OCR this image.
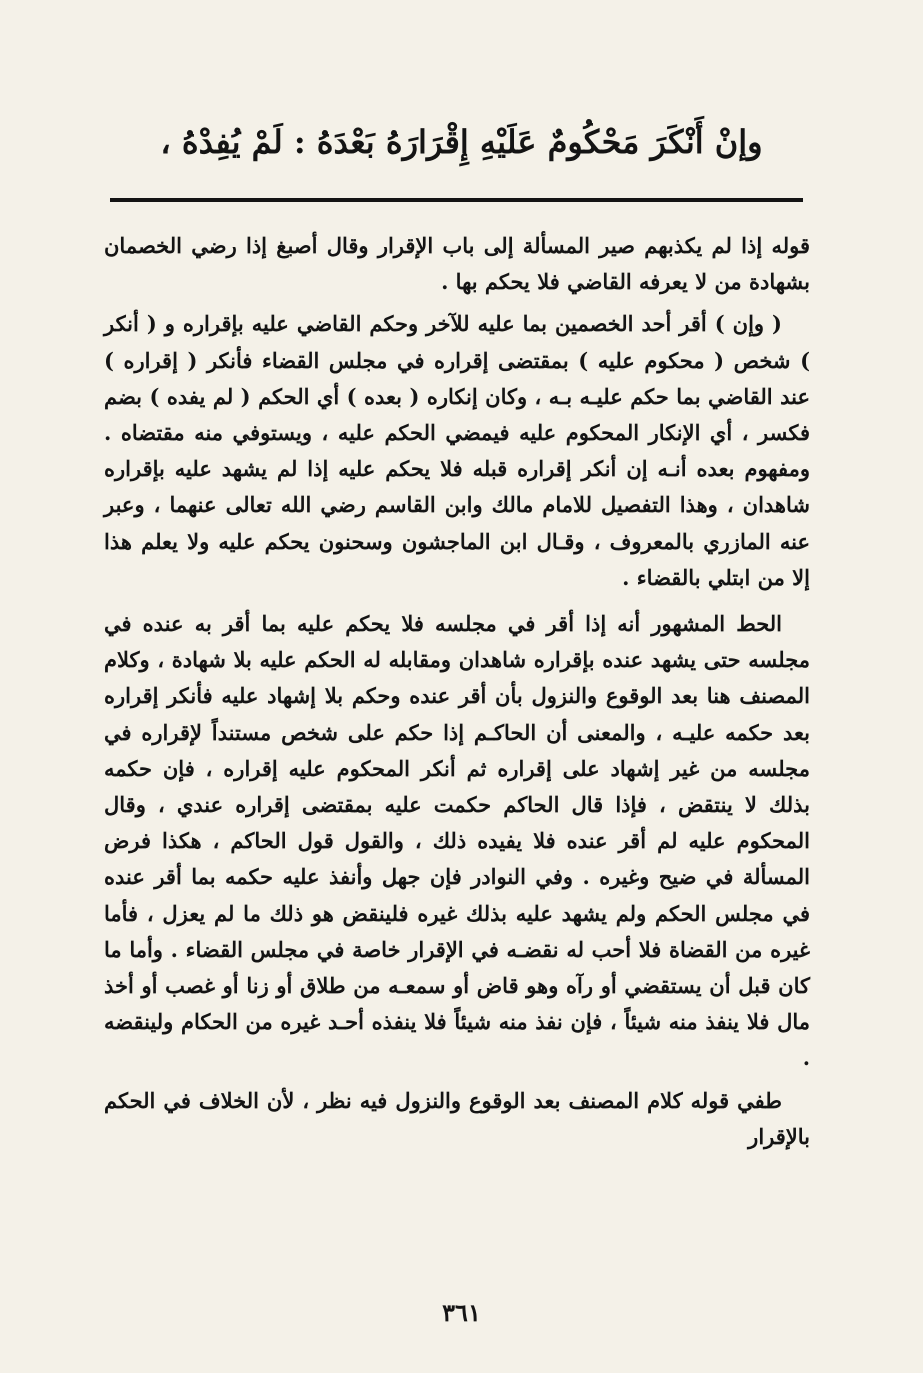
وإنْ أَنْكَرَ مَحْكُومٌ عَلَيْهِ إِقْرَارَهُ بَعْدَهُ : لَمْ يُفِدْهُ ،

قوله إذا لم يكذبهم صير المسألة إلى باب الإقرار وقال أصبغ إذا رضي الخصمان بشهادة من لا يعرفه القاضي فلا يحكم بها .

( وإن ) أقر أحد الخصمين بما عليه للآخر وحكم القاضي عليه بإقراره و ( أنكر ) شخص ( محكوم عليه ) بمقتضى إقراره في مجلس القضاء فأنكر ( إقراره ) عند القاضي بما حكم عليـه بـه ، وكان إنكاره ( بعده ) أي الحكم ( لم يفده ) بضم فكسر ، أي الإنكار المحكوم عليه فيمضي الحكم عليه ، ويستوفي منه مقتضاه . ومفهوم بعده أنـه إن أنكر إقراره قبله فلا يحكم عليه إذا لم يشهد عليه بإقراره شاهدان ، وهذا التفصيل للامام مالك وابن القاسم رضي الله تعالى عنهما ، وعبر عنه المازري بالمعروف ، وقـال ابن الماجشون وسحنون يحكم عليه ولا يعلم هذا إلا من ابتلي بالقضاء .

الحط المشهور أنه إذا أقر في مجلسه فلا يحكم عليه بما أقر به عنده في مجلسه حتى يشهد عنده بإقراره شاهدان ومقابله له الحكم عليه بلا شهادة ، وكلام المصنف هنا بعد الوقوع والنزول بأن أقر عنده وحكم بلا إشهاد عليه فأنكر إقراره بعد حكمه عليـه ، والمعنى أن الحاكـم إذا حكم على شخص مستنداً لإقراره في مجلسه من غير إشهاد على إقراره ثم أنكر المحكوم عليه إقراره ، فإن حكمه بذلك لا ينتقض ، فإذا قال الحاكم حكمت عليه بمقتضى إقراره عندي ، وقال المحكوم عليه لم أقر عنده فلا يفيده ذلك ، والقول قول الحاكم ، هكذا فرض المسألة في ضيح وغيره . وفي النوادر فإن جهل وأنفذ عليه حكمه بما أقر عنده في مجلس الحكم ولم يشهد عليه بذلك غيره فلينقض هو ذلك ما لم يعزل ، فأما غيره من القضاة فلا أحب له نقضـه في الإقرار خاصة في مجلس القضاء . وأما ما كان قبل أن يستقضي أو رآه وهو قاض أو سمعـه من طلاق أو زنا أو غصب أو أخذ مال فلا ينفذ منه شيئاً ، فإن نفذ منه شيئاً فلا ينفذه أحـد غيره من الحكام ولينقضه .

طفي قوله كلام المصنف بعد الوقوع والنزول فيه نظر ، لأن الخلاف في الحكم بالإقرار

٣٦١
